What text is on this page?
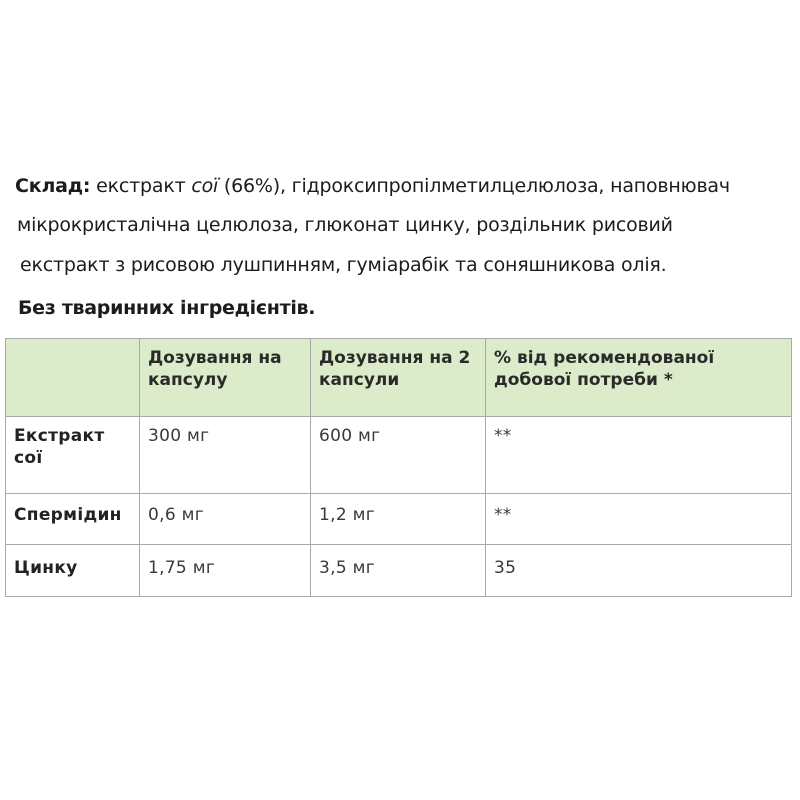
Склад: екстракт сої (66%), гідроксипропілметилцелюлоза, наповнювач
мікрокристалічна целюлоза, глюконат цинку, роздільник рисовий
екстракт з рисовою лушпинням, гуміарабік та соняшникова олія.
Без тваринних інгредієнтів.
	Дозування на капсулу	Дозування на 2 капсули	% від рекомендованої добової потреби *
Екстракт сої	300 мг	600 мг	**
Спермідин	0,6 мг	1,2 мг	**
Цинку	1,75 мг	3,5 мг	35
